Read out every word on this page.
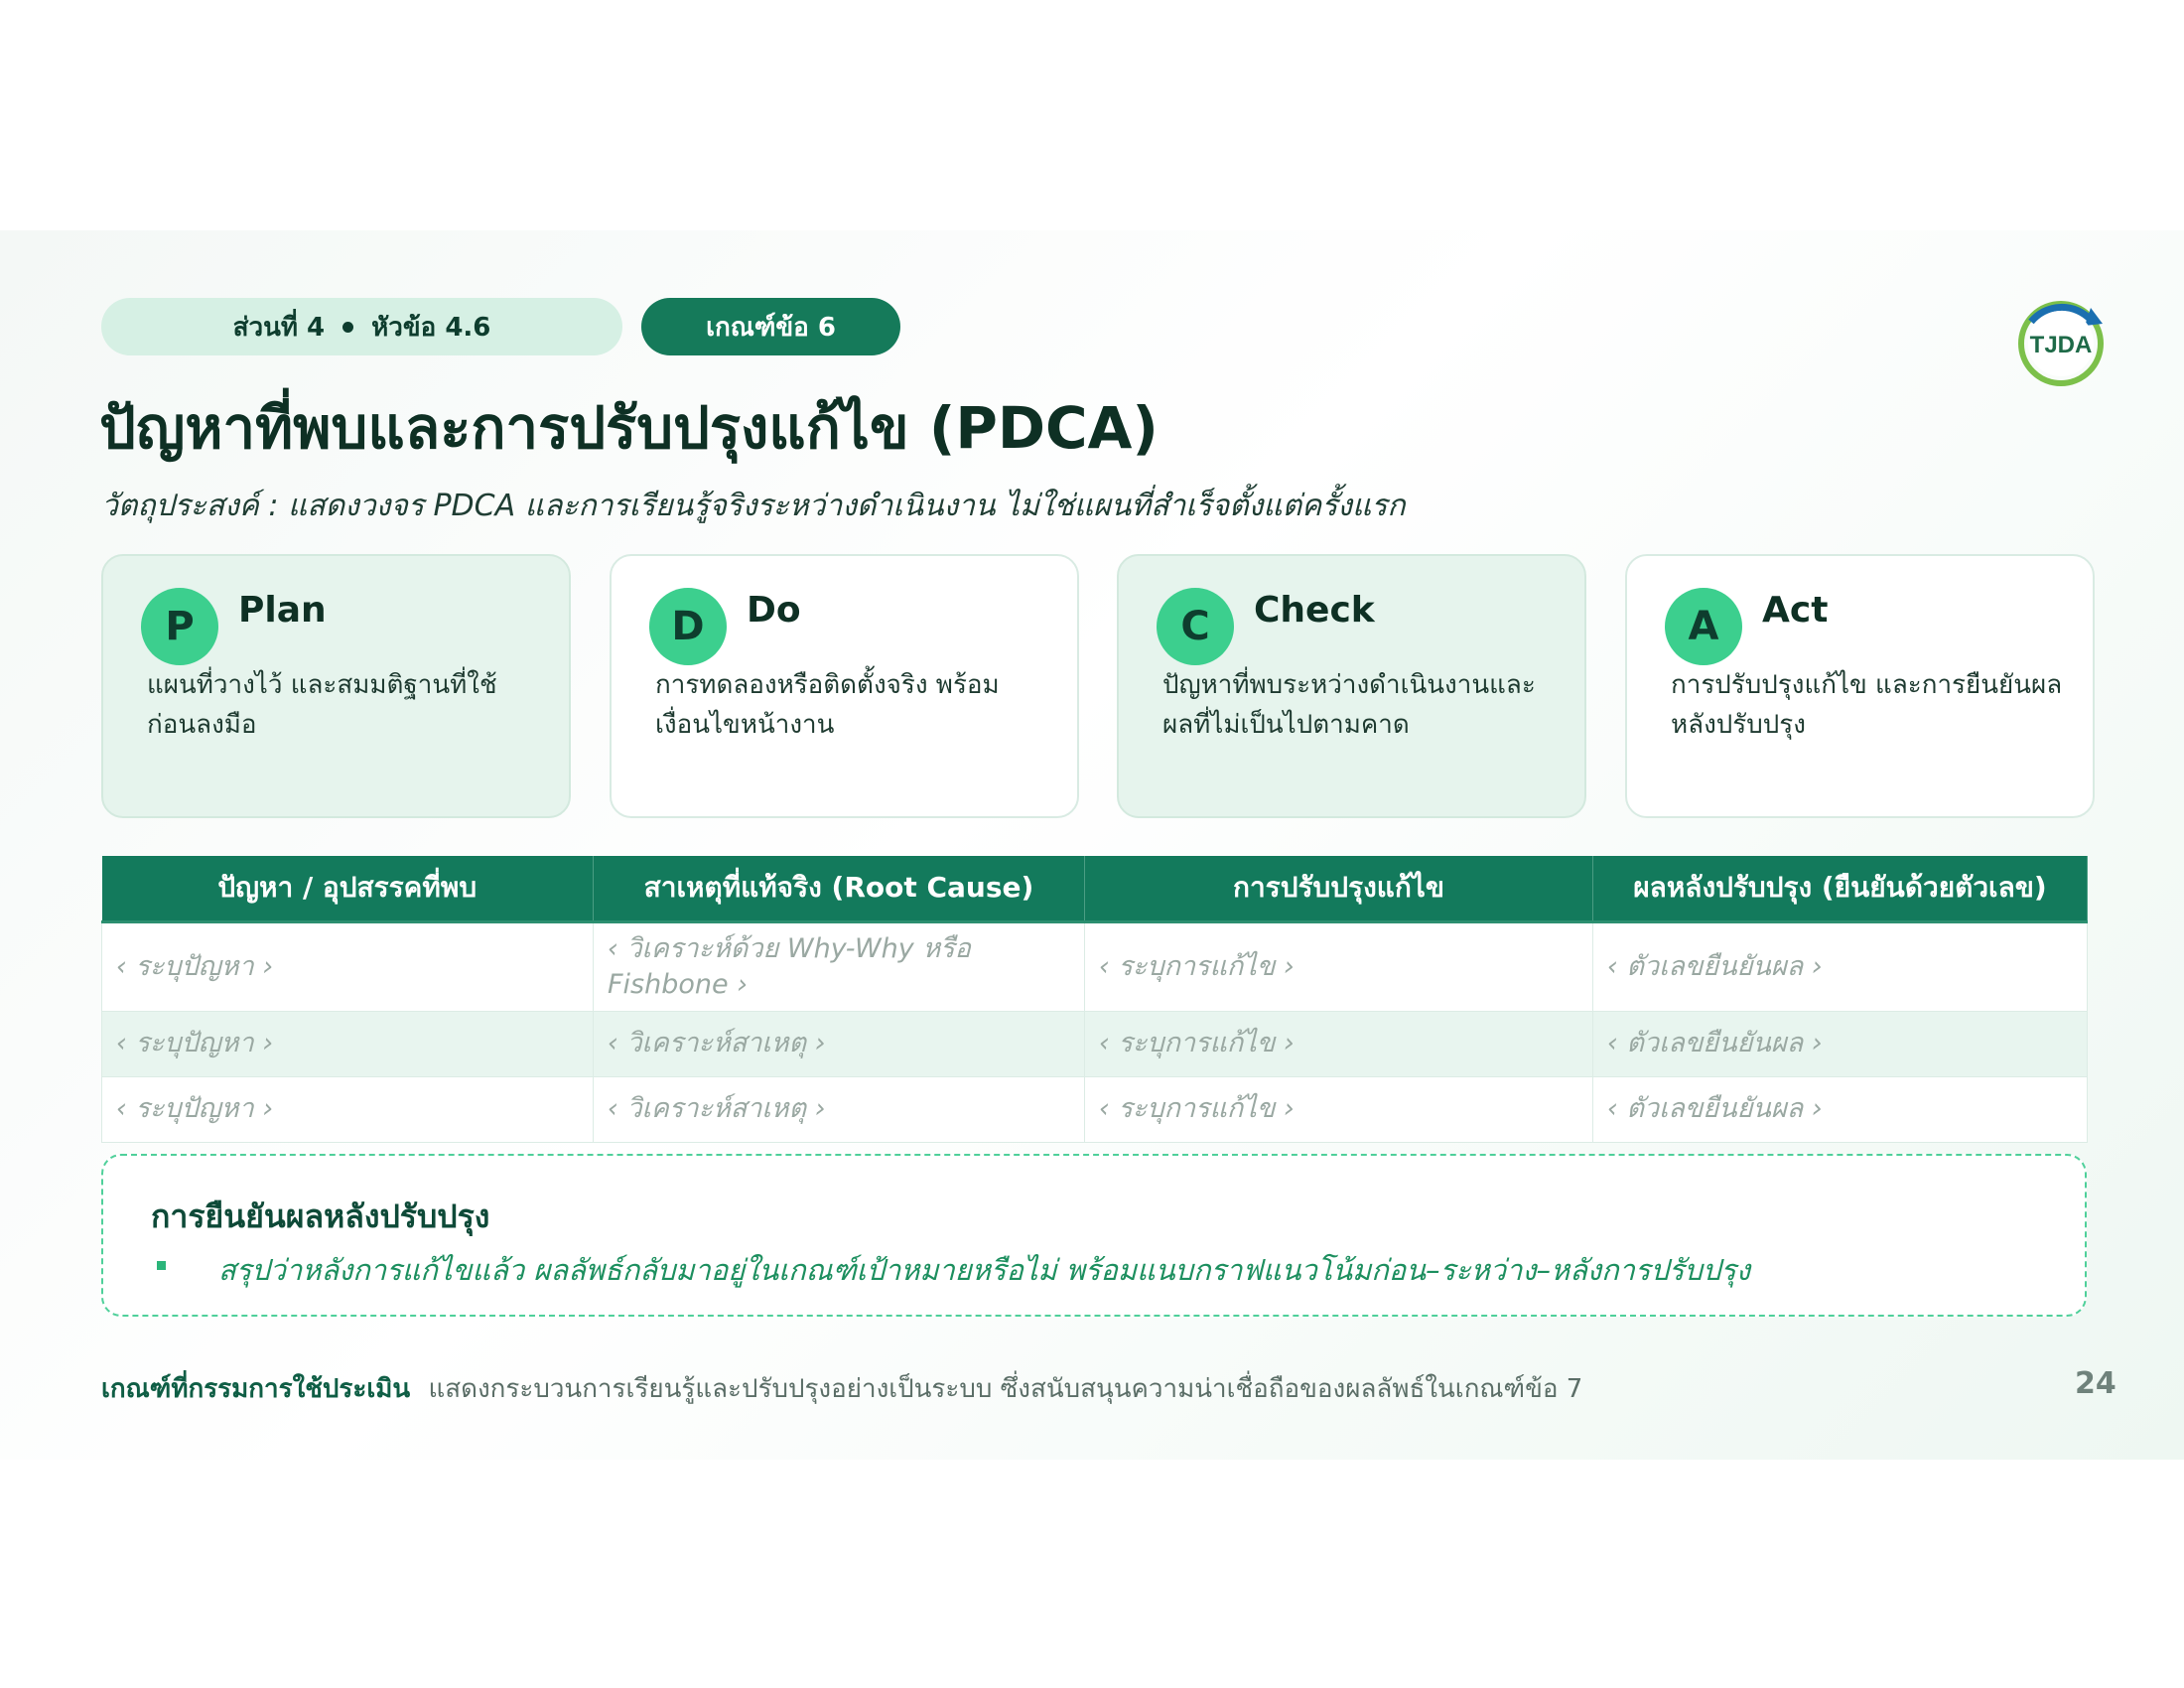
ส่วนที่ 4 หัวข้อ 4.6	เกณฑ์ข้อ 6
TJDA
ปัญหาที่พบและการปรับปรุงแก้ไข (PDCA)
วัตถุประสงค์ : แสดงวงจร PDCA และการเรียนรู้จริงระหว่างดำเนินงาน ไม่ใช่แผนที่สำเร็จตั้งแต่ครั้งแรก
P	Plan
แผนที่วางไว้ และสมมติฐานที่ใช้ก่อนลงมือ
D	Do
การทดลองหรือติดตั้งจริง พร้อมเงื่อนไขหน้างาน
C	Check
ปัญหาที่พบระหว่างดำเนินงานและผลที่ไม่เป็นไปตามคาด
A	Act
การปรับปรุงแก้ไข และการยืนยันผลหลังปรับปรุง
ปัญหา / อุปสรรคที่พบ	สาเหตุที่แท้จริง (Root Cause)	การปรับปรุงแก้ไข	ผลหลังปรับปรุง (ยืนยันด้วยตัวเลข)
‹ ระบุปัญหา ›	‹ วิเคราะห์ด้วย Why-Why หรือ Fishbone ›	‹ ระบุการแก้ไข ›	‹ ตัวเลขยืนยันผล ›
‹ ระบุปัญหา ›	‹ วิเคราะห์สาเหตุ ›	‹ ระบุการแก้ไข ›	‹ ตัวเลขยืนยันผล ›
‹ ระบุปัญหา ›	‹ วิเคราะห์สาเหตุ ›	‹ ระบุการแก้ไข ›	‹ ตัวเลขยืนยันผล ›
การยืนยันผลหลังปรับปรุง
สรุปว่าหลังการแก้ไขแล้ว ผลลัพธ์กลับมาอยู่ในเกณฑ์เป้าหมายหรือไม่ พร้อมแนบกราฟแนวโน้มก่อน–ระหว่าง–หลังการปรับปรุง
เกณฑ์ที่กรรมการใช้ประเมิน แสดงกระบวนการเรียนรู้และปรับปรุงอย่างเป็นระบบ ซึ่งสนับสนุนความน่าเชื่อถือของผลลัพธ์ในเกณฑ์ข้อ 7	24
